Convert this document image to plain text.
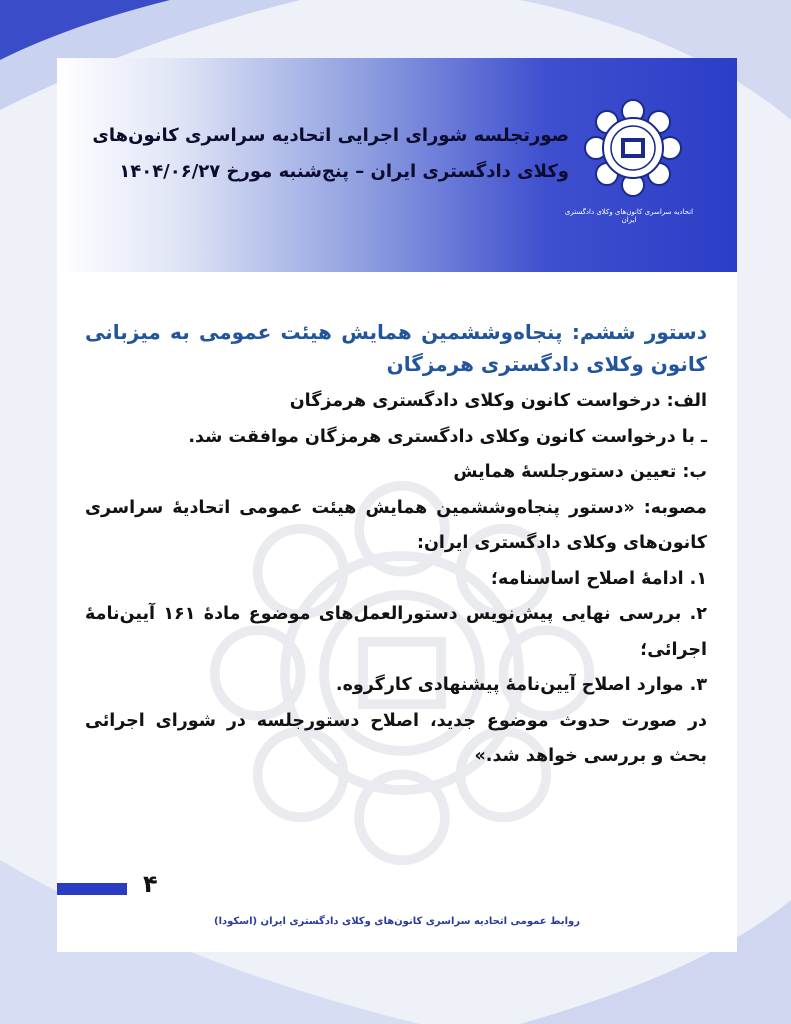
صورتجلسه شورای اجرایی اتحادیه سراسری کانون‌های
وکلای دادگستری ایران – پنج‌شنبه مورخ ۱۴۰۴/۰۶/۲۷
اتحادیه سراسری کانون‌های وکلای دادگستری ایران

دستور ششم: پنجاه‌وششمین همایش هیئت عمومی به میزبانی کانون وکلای دادگستری هرمزگان

الف: درخواست کانون وکلای دادگستری هرمزگان

ـ با درخواست کانون وکلای دادگستری هرمزگان موافقت شد.

ب: تعیین دستورجلسهٔ همایش

مصوبه: «دستور پنجاه‌وششمین همایش هیئت عمومی اتحادیهٔ سراسری کانون‌های وکلای دادگستری ایران:

۱. ادامهٔ اصلاح اساسنامه؛
۲. بررسی نهایی پیش‌نویس دستورالعمل‌های موضوع مادهٔ ۱۶۱ آیین‌نامهٔ اجرائی؛
۳. موارد اصلاح آیین‌نامهٔ پیشنهادی کارگروه.

در صورت حدوث موضوع جدید، اصلاح دستورجلسه در شورای اجرائی بحث و بررسی خواهد شد.»

۴
روابط عمومی اتحادیه سراسری کانون‌های وکلای دادگستری ایران (اسکودا)
